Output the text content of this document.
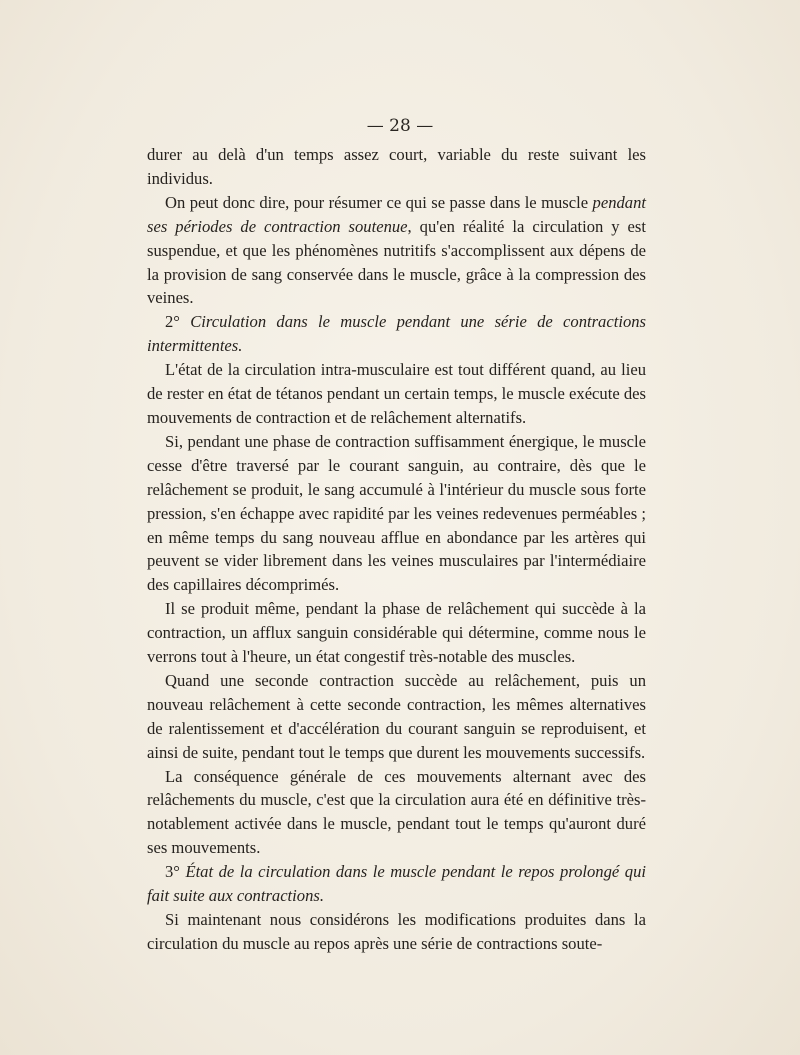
— 28 —

durer au delà d'un temps assez court, variable du reste suivant les individus.

On peut donc dire, pour résumer ce qui se passe dans le muscle pendant ses périodes de contraction soutenue, qu'en réalité la circulation y est suspendue, et que les phénomènes nutritifs s'accomplissent aux dépens de la provision de sang conservée dans le muscle, grâce à la compression des veines.

2° Circulation dans le muscle pendant une série de contractions intermittentes.

L'état de la circulation intra-musculaire est tout différent quand, au lieu de rester en état de tétanos pendant un certain temps, le muscle exécute des mouvements de contraction et de relâchement alternatifs.

Si, pendant une phase de contraction suffisamment énergique, le muscle cesse d'être traversé par le courant sanguin, au contraire, dès que le relâchement se produit, le sang accumulé à l'intérieur du muscle sous forte pression, s'en échappe avec rapidité par les veines redevenues perméables ; en même temps du sang nouveau afflue en abondance par les artères qui peuvent se vider librement dans les veines musculaires par l'intermédiaire des capillaires décomprimés.

Il se produit même, pendant la phase de relâchement qui succède à la contraction, un afflux sanguin considérable qui détermine, comme nous le verrons tout à l'heure, un état congestif très-notable des muscles.

Quand une seconde contraction succède au relâchement, puis un nouveau relâchement à cette seconde contraction, les mêmes alternatives de ralentissement et d'accélération du courant sanguin se reproduisent, et ainsi de suite, pendant tout le temps que durent les mouvements successifs.

La conséquence générale de ces mouvements alternant avec des relâchements du muscle, c'est que la circulation aura été en définitive très-notablement activée dans le muscle, pendant tout le temps qu'auront duré ses mouvements.

3° État de la circulation dans le muscle pendant le repos prolongé qui fait suite aux contractions.

Si maintenant nous considérons les modifications produites dans la circulation du muscle au repos après une série de contractions soute-
